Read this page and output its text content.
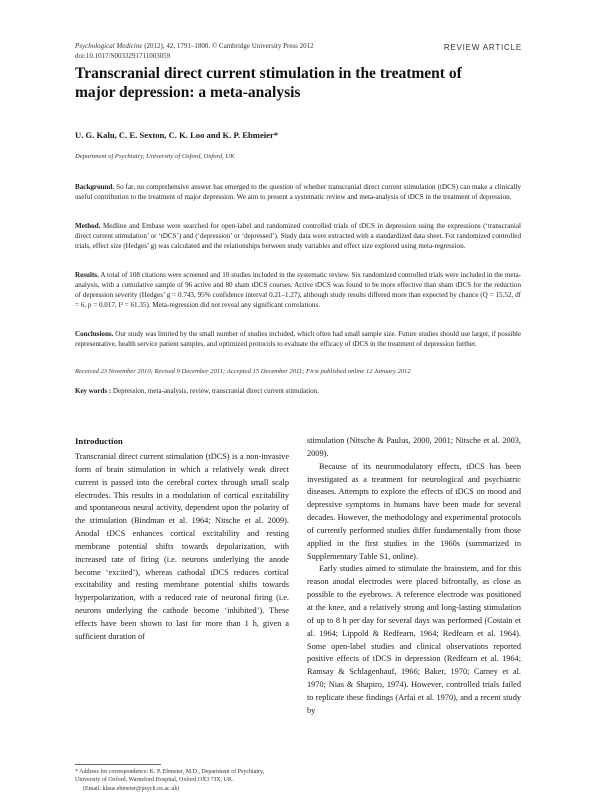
Psychological Medicine (2012), 42, 1791–1800. © Cambridge University Press 2012
doi:10.1017/S0033291711003059
REVIEW ARTICLE
Transcranial direct current stimulation in the treatment of major depression: a meta-analysis
U. G. Kalu, C. E. Sexton, C. K. Loo and K. P. Ebmeier*
Department of Psychiatry, University of Oxford, Oxford, UK
Background. So far, no comprehensive answer has emerged to the question of whether transcranial direct current stimulation (tDCS) can make a clinically useful contribution to the treatment of major depression. We aim to present a systematic review and meta-analysis of tDCS in the treatment of depression.
Method. Medline and Embase were searched for open-label and randomized controlled trials of tDCS in depression using the expressions (‘transcranial direct current stimulation’ or ‘tDCS’) and (‘depression’ or ‘depressed’). Study data were extracted with a standardized data sheet. For randomized controlled trials, effect size (Hedges’ g) was calculated and the relationships between study variables and effect size explored using meta-regression.
Results. A total of 108 citations were screened and 10 studies included in the systematic review. Six randomized controlled trials were included in the meta-analysis, with a cumulative sample of 96 active and 80 sham tDCS courses. Active tDCS was found to be more effective than sham tDCS for the reduction of depression severity (Hedges’ g = 0.743, 95% confidence interval 0.21–1.27), although study results differed more than expected by chance (Q = 15.52, df = 6, p = 0.017, I² = 61.35). Meta-regression did not reveal any significant correlations.
Conclusions. Our study was limited by the small number of studies included, which often had small sample size. Future studies should use larger, if possible representative, health service patient samples, and optimized protocols to evaluate the efficacy of tDCS in the treatment of depression further.
Received 23 November 2010; Revised 9 December 2011; Accepted 15 December 2011; First published online 12 January 2012
Key words : Depression, meta-analysis, review, transcranial direct current stimulation.
Introduction

Transcranial direct current stimulation (tDCS) is a non-invasive form of brain stimulation in which a relatively weak direct current is passed into the cerebral cortex through small scalp electrodes. This results in a modulation of cortical excitability and spontaneous neural activity, dependent upon the polarity of the stimulation (Bindman et al. 1964; Nitsche et al. 2009). Anodal tDCS enhances cortical excitability and resting membrane potential shifts towards depolarization, with increased rate of firing (i.e. neurons underlying the anode become ‘excited’), whereas cathodal tDCS reduces cortical excitability and resting membrane potential shifts towards hyperpolarization, with a reduced rate of neuronal firing (i.e. neurons underlying the cathode become ‘inhibited’). These effects have been shown to last for more than 1 h, given a sufficient duration of

stimulation (Nitsche & Paulus, 2000, 2001; Nitsche et al. 2003, 2009).

Because of its neuromodulatory effects, tDCS has been investigated as a treatment for neurological and psychiatric diseases. Attempts to explore the effects of tDCS on mood and depressive symptoms in humans have been made for several decades. However, the methodology and experimental protocols of currently performed studies differ fundamentally from those applied in the first studies in the 1960s (summarized in Supplementary Table S1, online).

Early studies aimed to stimulate the brainstem, and for this reason anodal electrodes were placed bifrontally, as close as possible to the eyebrows. A reference electrode was positioned at the knee, and a relatively strong and long-lasting stimulation of up to 8 h per day for several days was performed (Costain et al. 1964; Lippold & Redfearn, 1964; Redfearn et al. 1964). Some open-label studies and clinical observations reported positive effects of tDCS in depression (Redfearn et al. 1964; Ramsay & Schlagenhauf, 1966; Baker, 1970; Carney et al. 1970; Nias & Shapiro, 1974). However, controlled trials failed to replicate these findings (Arfai et al. 1970), and a recent study by

* Address for correspondence: K. P. Ebmeier, M.D., Department of Psychiatry, University of Oxford, Warneford Hospital, Oxford OX3 7JX, UK.

(Email: klaus.ebmeier@psych.ox.ac.uk)
